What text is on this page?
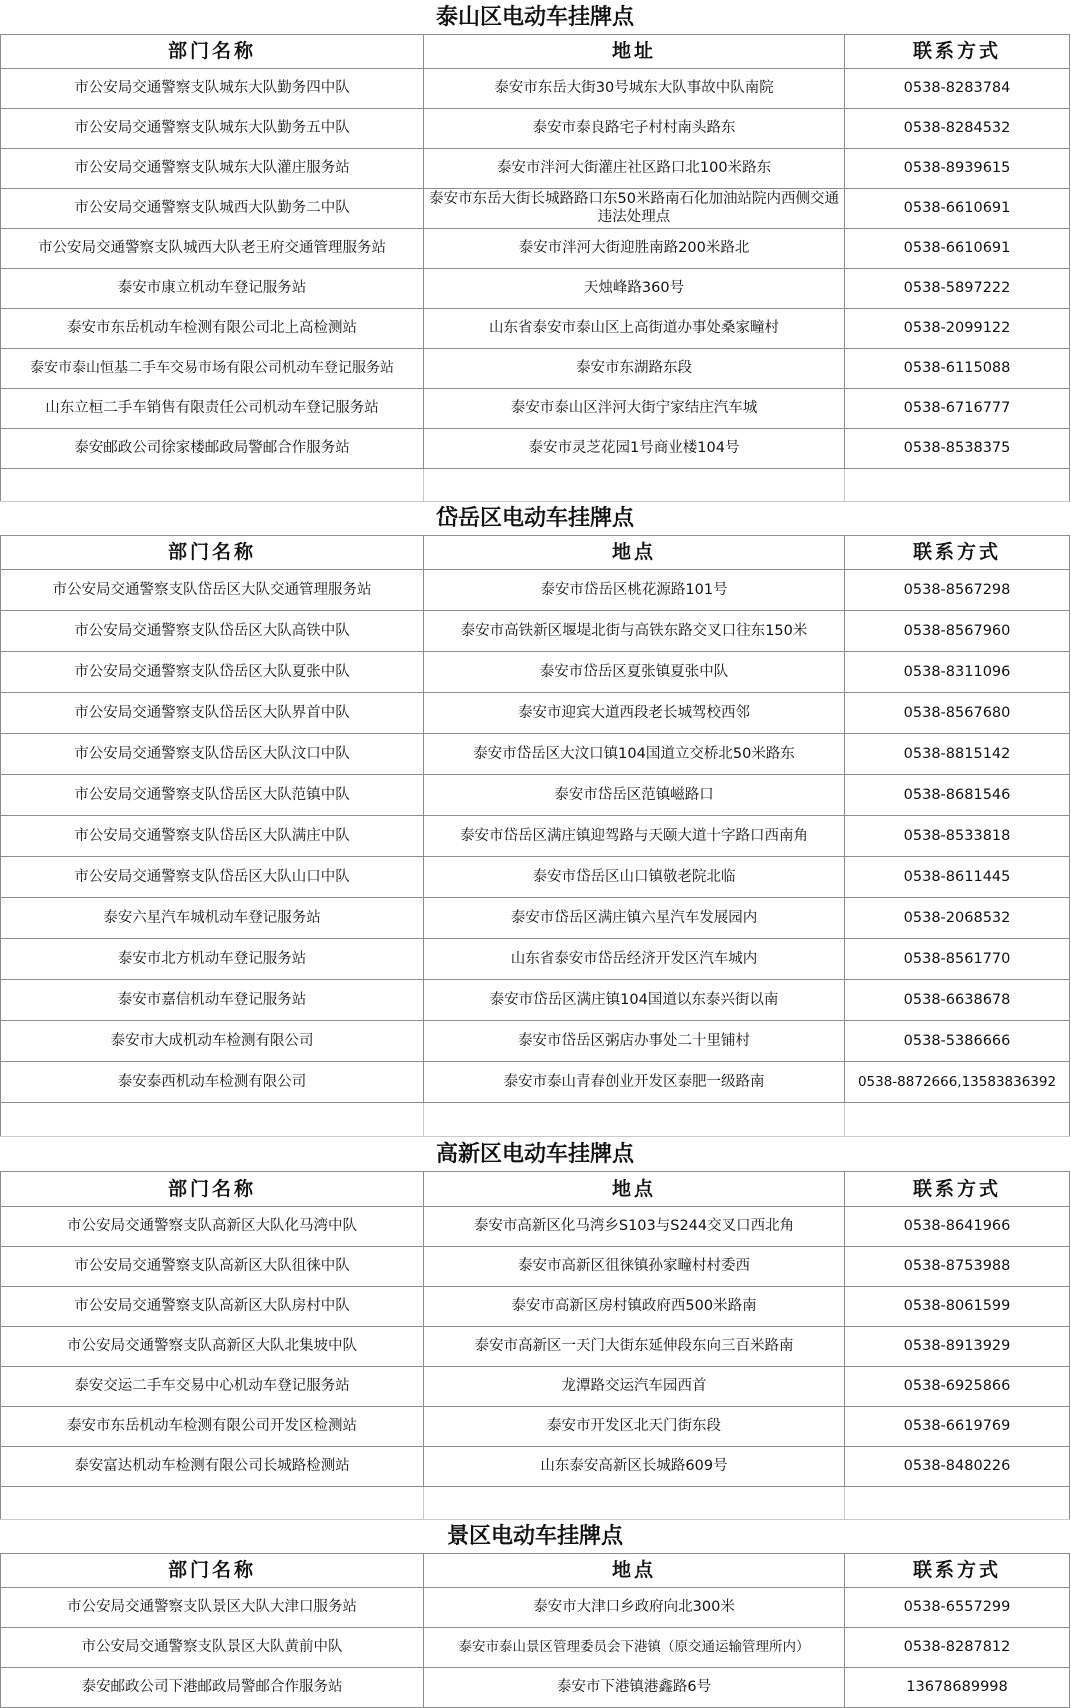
泰山区电动车挂牌点		
部门名称	地址	联系方式
市公安局交通警察支队城东大队勤务四中队	泰安市东岳大街30号城东大队事故中队南院	0538-8283784
市公安局交通警察支队城东大队勤务五中队	泰安市泰良路宅子村村南头路东	0538-8284532
市公安局交通警察支队城东大队灌庄服务站	泰安市泮河大街灌庄社区路口北100米路东	0538-8939615
市公安局交通警察支队城西大队勤务二中队	泰安市东岳大街长城路路口东50米路南石化加油站院内西侧交通违法处理点	0538-6610691
市公安局交通警察支队城西大队老王府交通管理服务站	泰安市泮河大街迎胜南路200米路北	0538-6610691
泰安市康立机动车登记服务站	天烛峰路360号	0538-5897222
泰安市东岳机动车检测有限公司北上高检测站	山东省泰安市泰山区上高街道办事处桑家疃村	0538-2099122
泰安市泰山恒基二手车交易市场有限公司机动车登记服务站	泰安市东湖路东段	0538-6115088
山东立桓二手车销售有限责任公司机动车登记服务站	泰安市泰山区泮河大街宁家结庄汽车城	0538-6716777
泰安邮政公司徐家楼邮政局警邮合作服务站	泰安市灵芝花园1号商业楼104号	0538-8538375

岱岳区电动车挂牌点		
部门名称	地点	联系方式
市公安局交通警察支队岱岳区大队交通管理服务站	泰安市岱岳区桃花源路101号	0538-8567298
市公安局交通警察支队岱岳区大队高铁中队	泰安市高铁新区堰堤北街与高铁东路交叉口往东150米	0538-8567960
市公安局交通警察支队岱岳区大队夏张中队	泰安市岱岳区夏张镇夏张中队	0538-8311096
市公安局交通警察支队岱岳区大队界首中队	泰安市迎宾大道西段老长城驾校西邻	0538-8567680
市公安局交通警察支队岱岳区大队汶口中队	泰安市岱岳区大汶口镇104国道立交桥北50米路东	0538-8815142
市公安局交通警察支队岱岳区大队范镇中队	泰安市岱岳区范镇嵫路口	0538-8681546
市公安局交通警察支队岱岳区大队满庄中队	泰安市岱岳区满庄镇迎驾路与天颐大道十字路口西南角	0538-8533818
市公安局交通警察支队岱岳区大队山口中队	泰安市岱岳区山口镇敬老院北临	0538-8611445
泰安六星汽车城机动车登记服务站	泰安市岱岳区满庄镇六星汽车发展园内	0538-2068532
泰安市北方机动车登记服务站	山东省泰安市岱岳经济开发区汽车城内	0538-8561770
泰安市嘉信机动车登记服务站	泰安市岱岳区满庄镇104国道以东泰兴街以南	0538-6638678
泰安市大成机动车检测有限公司	泰安市岱岳区粥店办事处二十里铺村	0538-5386666
泰安泰西机动车检测有限公司	泰安市泰山青春创业开发区泰肥一级路南	0538-8872666,13583836392

高新区电动车挂牌点		
部门名称	地点	联系方式
市公安局交通警察支队高新区大队化马湾中队	泰安市高新区化马湾乡S103与S244交叉口西北角	0538-8641966
市公安局交通警察支队高新区大队徂徕中队	泰安市高新区徂徕镇孙家疃村村委西	0538-8753988
市公安局交通警察支队高新区大队房村中队	泰安市高新区房村镇政府西500米路南	0538-8061599
市公安局交通警察支队高新区大队北集坡中队	泰安市高新区一天门大街东延伸段东向三百米路南	0538-8913929
泰安交运二手车交易中心机动车登记服务站	龙潭路交运汽车园西首	0538-6925866
泰安市东岳机动车检测有限公司开发区检测站	泰安市开发区北天门街东段	0538-6619769
泰安富达机动车检测有限公司长城路检测站	山东泰安高新区长城路609号	0538-8480226

景区电动车挂牌点		
部门名称	地点	联系方式
市公安局交通警察支队景区大队大津口服务站	泰安市大津口乡政府向北300米	0538-6557299
市公安局交通警察支队景区大队黄前中队	泰安市泰山景区管理委员会下港镇（原交通运输管理所内）	0538-8287812
泰安邮政公司下港邮政局警邮合作服务站	泰安市下港镇港鑫路6号	13678689998
